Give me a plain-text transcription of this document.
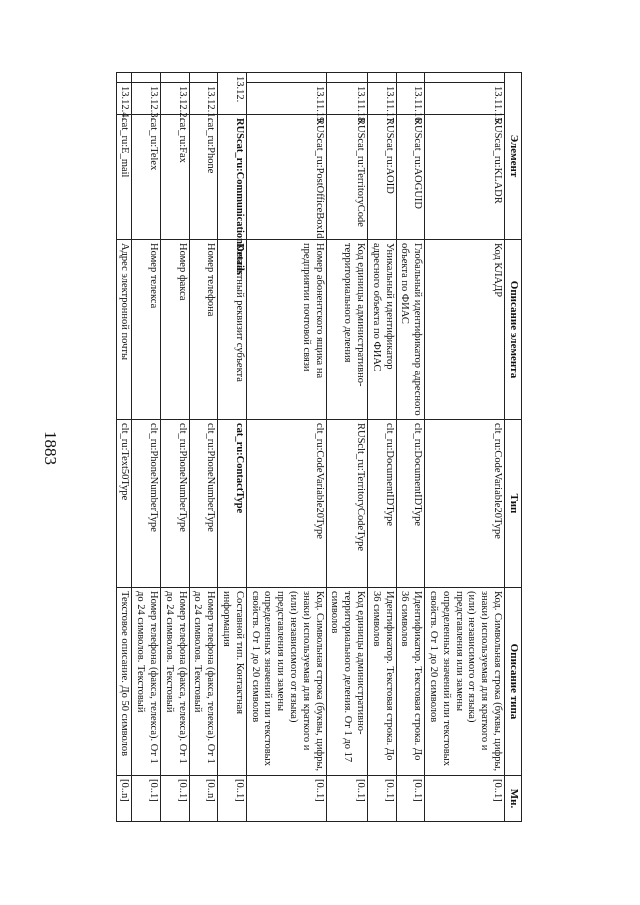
1883
Элемент			Описание элемента	Тип	Описание типа	Мн.
	13.11.15.	RUScat_ru:KLADR	Код КЛАДР	clt_ru:CodeVariable20Type	Код. Символьная строка (буквы, цифры, знаки) используемая для краткого и (или) независимого от языка) представления или замены определенных значений или текстовых свойств. От 1 до 20 символов	[0..1]
	13.11.16.	RUScat_ru:AOGUID	Глобальный идентификатор адресного объекта по ФИАС	clt_ru:DocumentIDType	Идентификатор. Текстовая строка. До 36 символов	[0..1]
	13.11.17.	RUScat_ru:AOID	Уникальный идентификатор адресного объекта по ФИАС	clt_ru:DocumentIDType	Идентификатор. Текстовая строка. До 36 символов	[0..1]
	13.11.18.	RUScat_ru:TerritoryCode	Код единицы административно-территориального деления	RUSclt_ru:TerritoryCodeType	Код единицы административно-территориального деления. От 1 до 17 символов	[0..1]
	13.11.19.	RUScat_ru:PostOfficeBoxId	Номер абонентского ящика на предприятии почтовой связи	clt_ru:CodeVariable20Type	Код. Символьная строка (буквы, цифры, знаки) используемая для краткого и (или) независимого от языка) представления или замены определенных значений или текстовых свойств. От 1 до 20 символов	[0..1]
13.12.		RUScat_ru:CommunicationDetails	Контактный реквизит субъекта	cat_ru:ContactType	Составной тип. Контактная информация	[0..1]
	13.12.1.	cat_ru:Phone	Номер телефона	clt_ru:PhoneNumberType	Номер телефона (факса, телекса). От 1 до 24 символов. Текстовый	[0..n]
	13.12.2.	cat_ru:Fax	Номер факса	clt_ru:PhoneNumberType	Номер телефона (факса, телекса). От 1 до 24 символов. Текстовый	[0..1]
	13.12.3.	cat_ru:Telex	Номер телекса	clt_ru:PhoneNumberType	Номер телефона (факса, телекса). От 1 до 24 символов. Текстовый	[0..1]
	13.12.4.	cat_ru:E_mail	Адрес электронной почты	clt_ru:Text50Type	Текстовое описание. До 50 символов	[0..n]
